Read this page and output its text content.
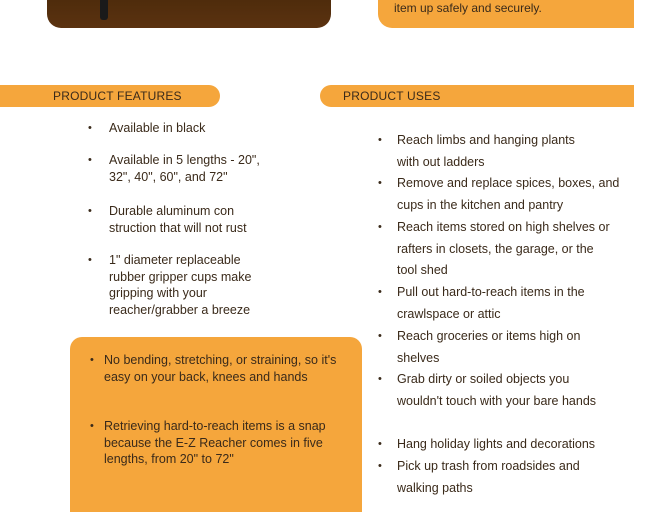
item up safely and securely.
PRODUCT FEATURES	PRODUCT USES
• Available in black
• Available in 5 lengths - 20", 32", 40", 60", and 72"
• Durable aluminum con struction that will not rust
• 1" diameter replaceable rubber gripper cups make gripping with your reacher/grabber a breeze
• No bending, stretching, or straining, so it's easy on your back, knees and hands
• Retrieving hard-to-reach items is a snap because the E-Z Reacher comes in five lengths, from 20" to 72"
• Reach limbs and hanging plants with out ladders
• Remove and replace spices, boxes, and cups in the kitchen and pantry
• Reach items stored on high shelves or rafters in closets, the garage, or the tool shed
• Pull out hard-to-reach items in the crawlspace or attic
• Reach groceries or items high on shelves
• Grab dirty or soiled objects you wouldn't touch with your bare hands
• Hang holiday lights and decorations
• Pick up trash from roadsides and walking paths
